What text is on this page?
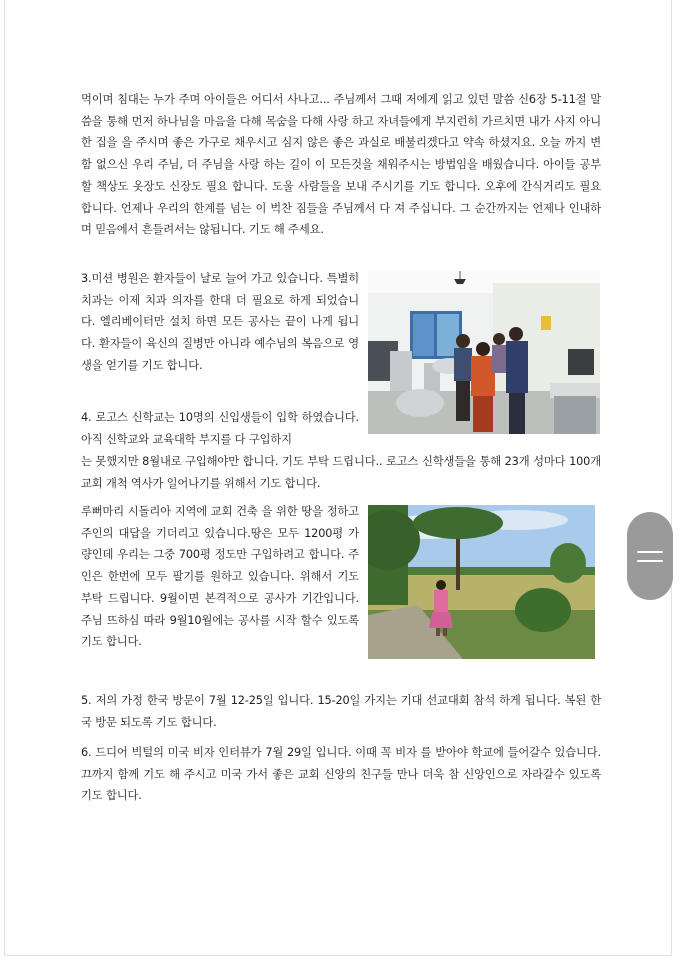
먹이며 침대는 누가 주며 아이들은 어디서 사나고... 주님께서 그때 저에게 읽고 있던 말씀 신6장 5-11절 말씀을 통해 먼저 하나님을 마음을 다해 목숨을 다해 사랑 하고 자녀들에게 부지런히 가르치면 내가 사지 아니한 집을 을 주시며 좋은 가구로 채우시고 심지 않은 좋은 과실로 배불리겠다고 약속 하셨지요. 오늘 까지 변함 없으신 우리 주님, 더 주님을 사랑 하는 길이 이 모든것을 채워주시는 방법임을 배웠습니다. 아이들 공부할 책상도 옷장도 신장도 필요 합니다. 도울 사람들을 보내 주시기를 기도 합니다. 오후에 간식거리도 필요 합니다. 언제나 우리의 한계를 넘는 이 벅찬 짐들을 주님께서 다 져 주십니다. 그 순간까지는 언제나 인내하며 믿음에서 흔들려서는 않됩니다. 기도 해 주세요.
3.미션 병원은 환자들이 날로 늘어 가고 있습니다. 특별히 치과는 이제 치과 의자를 한대 더 필요로 하게 되었습니다. 엘리베이터만 설치 하면 모든 공사는 끝이 나게 됩니다. 환자들이 육신의 질병만 아니라 예수님의 복음으로 영생을 얻기를 기도 합니다.
4. 로고스 신학교는 10명의 신입생들이 입학 하였습니다. 아직 신학교와 교육대학 부지를 다 구입하지
는 못했지만 8월내로 구입해야만 합니다. 기도 부탁 드립니다.. 로고스 신학생들을 통해 23개 성마다 100개 교회 개척 역사가 일어나기를 위해서 기도 합니다.
루뻐마리 시돌리아 지역에 교회 건축 을 위한 땅을 정하고 주인의 대답을 기더리고 있습니다.땅은 모두 1200평 가량인데 우리는 그중 700평 정도만 구입하려고 합니다. 주인은 한번에 모두 팔기를 원하고 있습니다. 위해서 기도 부탁 드립니다. 9월이면 본격적으로 공사가 기간입니다. 주님 뜨하심 따라 9월10월에는 공사를 시작 할수 있도록 기도 합니다.
5. 저의 가정 한국 방문이 7월 12-25일 입니다. 15-20일 가지는 기대 선교대회 참석 하게 됩니다. 복된 한국 방문 되도록 기도 합니다.
6. 드디어 빅털의 미국 비자 인터뷰가 7월 29일 입니다. 이때 꼭 비자 를 받아야 학교에 들어갈수 있습니다. 끄까지 함께 기도 해 주시고 미국 가서 좋은 교회 신앙의 친구들 만나 더욱 참 신앙인으로 자라갈수 있도록 기도 합니다.
